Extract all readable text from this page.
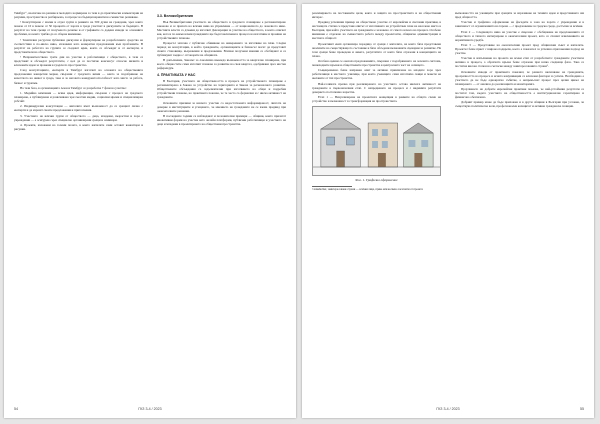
Тимбург“, възлагане на решава и мелодито нормиране за тези в да практически елементарни на разумни, пространство и разбираемо, за процес на бъдещи варианти на съвместно решаване.

• Консултиране с малки и отдел групи в рамките на 500 души на граждани, чрез които повече от 10 в повече от 50 процента от хората в града участват в дискусиите за бъдещето. В резултат на тези срещи от полученото резюме и от графиките са дадени изводи за основните проблеми, на които трябва да се обърне внимание.

• Тематични ресурсни публични дискусии и формулиране на разработените средства на съответствия в по-ниско ниво, изложени като конкретни предложения към проблемите. В резултат на работата на групите се създават идеи, които се обсъждат и от експерти, и представители на обществото.

• Неправителствено трите дни на участие в работилници с обществото, в тези се представят и обсъждат резултатите, с цел да се постигне консенсус относно визията и ключовите идеи за промени в градското пространство.

След консултациите, експерти в Тимбург изготвят на основата на обществените предложения конкретни мерки, свързани с градската визия — както за подобряване на качеството на живот в града, така и за неговата конкурентоспособност като място за работа, бизнес и туризъм.

На тази база, в организацията Ален и Тимбург се разработва 7 фази на участие:

1. Медийна кампания — всяка идея, информация, свързана с процеса на градското планиране, е публикувана и разяснявана чрез местни медии, социални мрежи и специализиран уебсайт.

2. Индивидуални консултации — жителите имат възможност да се срещнат лично с експерти и да изразят своите предложения и притеснения.

3. Участието на всички групи от обществото — деца, младежи, възрастни и хора с увреждания — е осигурено чрез специално организирани срещи и семинари.

4. Проекти, изложени на големи полета, в които жителите сами оставят коментари и рисунки.

3.3. Великобритания

Във Великобритания участието на обществото в градското планиране е регламентирано законово и се прилага на всички нива на управление — от националното до локалното ниво. Местните власти са длъжни да изготвят Декларация за участие на обществото, в която описват как, кога и по какъв начин гражданите ще бъдат включени в процеса на изготвяне и промяна на устройствените планове.

Процесът започва с публично обявяване на намерението за изготвяне на план. Следва период на консултации, в който гражданите, организациите и бизнесът могат да представят своите становища, възражения и предложения. Всички получени мнения се обобщават и се публикуват заедно с отговорите на общината.

В допълнение, Законът за локализма въвежда възможността за квартално планиране, при което общностите сами изготвят планове за развитие на своя квартал, одобрявани чрез местен референдум.

4. ПРАКТИКАТА У НАС

В България, участието на обществеността в процеса на устройственото планиране е регламентирано в Закона за устройство на територията и Закона за регионалното развитие. Обществените обсъждания са задължителни при изготвянето на общи и подробни устройствени планове, но практиката показва, че те често са формални и с ниска активност на гражданите.

Основните причини за ниското участие са недостатъчната информираност, липсата на доверие в институциите и усещането, че мнението на гражданите не се взема предвид при окончателните решения.

В последните години се наблюдават и положителни примери — общини, които прилагат иновативни форми на участие като онлайн платформи, публични работилници и участието на деца и младежи в проектирането на обществени пространства.

54	ГКЗ 3-4 / 2023

реализирането на поставените цели, както и защита на пространствата и на обществения интерес.

Предвид успешния пример на обществено участие от европейски и световни практики, в настоящата статия се представя опитът от изготвянето на устройствен план на населено място в България, при който участието на гражданите е заложено от самото начало на процеса. Особено внимание е отделено на съвместната работа между проектанти, общинска администрация и местната общност.

Проектният екип организира поредица от срещи с жителите, на които бяха представени анализите на съществуващото състояние и бяха обсъдени възможните сценарии за развитие. На тези срещи беше проведена и анкета, резултатите от която бяха отразени в концепцията на плана.

Особено ценни се оказаха предложенията, свързани с подобряването на зелената система, пешеходните връзки и обществените пространства в централната част на селището.

Същевременно беше направен опит за активно привличане на младите хора чрез работилници в местното училище, при които учениците сами изготвиха скици и макети на желаните от тях пространства.

Най-голямата пречка при реализирането на участието остава ниската активност на гражданите в първоначалния етап. С напредването на процеса и с видимите резултати доверието постепенно нараства.

Етап 1 — Визуализиране на проектната концепция в рамките на общата схема на устройство и възможност за трансформация на пространствата.

Фиг. 1. Графично оформление
¹ stakeholder, заинтересовани страни — всички лица, пряко или косвено засегнати от проекта

възможността на учениците при срещите за изразяване на техните идеи и представянето им пред общността.

Участие и графично оформление на фасадите в зона на хората с увреждания и в зависимост от ограниченията на терена — с предложение за градска среда, достъпна за всички.

Етап 2 — Следващото ниво на участие е свързано с обобщаване на предложенията от обществото и тяхното интегриране в окончателния проект, като се спазват изискванията на нормативната уредба.

Етап 3 — Представяне на окончателния проект пред общинския съвет и жителите. Проектът беше приет с широка подкрепа, което е показател за успешно приложения подход на участие.

Участие и изпълнение на проекта на всеки етап от разработката: гражданите участваха активно в процеса, а обратната връзка беше отразена при всяка следваща фаза. Така се постигна висока степен на съгласие между заинтересованите страни¹.

Основните изводи от практиката показват, че ранното включване на гражданите, прозрачността на процеса и ясната комуникация са ключови фактори за успеха. Необходимо е участието да не бъде еднократно събитие, а непрекъснат процес през целия цикъл на планирането — от анализа до реализацията и мониторинга.

Проучването на добрите европейски практики показва, че най-устойчиви резултати се постигат там, където участието на обществеността е институционално гарантирано и финансово обезпечено.

Добрият пример може да бъде приложен и в други общини в България при условие, че съществува политическа воля, професионален капацитет и активна гражданска позиция.

ГКЗ 3-4 / 2023	55
